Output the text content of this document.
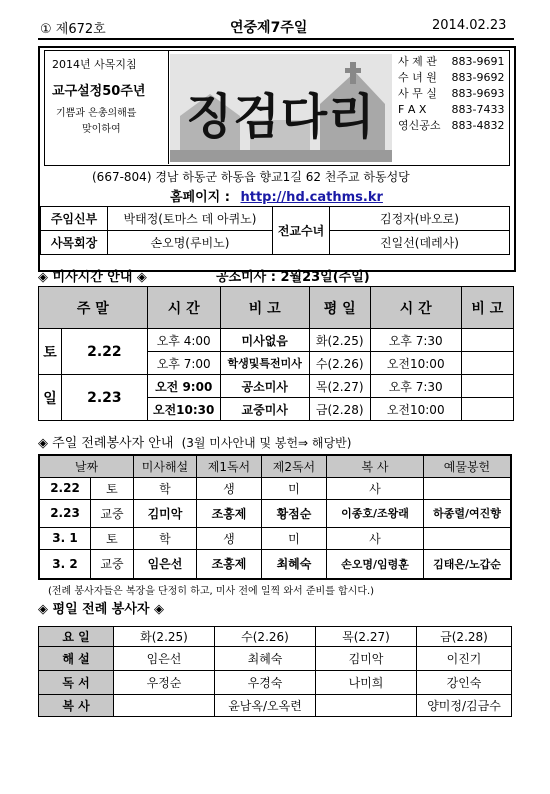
① 제672호	연중제7주일	2014.02.23
2014년 사목지침
교구설정50주년
기쁨과 은총의해를
맞이하여 징검다리
사 제 관 883-9691
수 녀 원 883-9692
사 무 실 883-9693
F A X 883-7433
영신공소 883-4832
(667-804) 경남 하동군 하동읍 향교1길 62 천주교 하동성당
홈페이지 : http://hd.cathms.kr
주임신부	박태정(토마스 데 아퀴노)	전교수녀	김정자(바오로)
사목회장	손오명(루비노)		진일선(데레사)
◈ 미사시간 안내 ◈	공소미사 : 2월23일(주일)
주 말		시 간	비 고	평 일	시 간	비 고
토	2.22	오후 4:00	미사없음	화(2.25)	오후 7:30	
		오후 7:00	학생및특전미사	수(2.26)	오전10:00	
일	2.23	오전 9:00	공소미사	목(2.27)	오후 7:30	
		오전10:30	교중미사	금(2.28)	오전10:00	
◈ 주일 전례봉사자 안내 (3월 미사안내 및 봉헌⇒ 해당반)
날짜		미사해설	제1독서	제2독서	복 사	예물봉헌
2.22	토	학	생	미	사	
2.23	교중	김미악	조홍제	황점순	이종호/조왕래	하종렬/여진향
3. 1	토	학	생	미	사	
3. 2	교중	임은선	조홍제	최혜숙	손오명/임령훈	김태은/노갑순
(전례 봉사자들은 복장을 단정히 하고, 미사 전에 일찍 와서 준비를 합시다.)
◈ 평일 전례 봉사자 ◈
요 일	화(2.25)	수(2.26)	목(2.27)	금(2.28)
해 설	임은선	최혜숙	김미악	이진기
독 서	우정순	우경숙	나미희	강인숙
복 사		윤남옥/오옥련		양미정/김금수
